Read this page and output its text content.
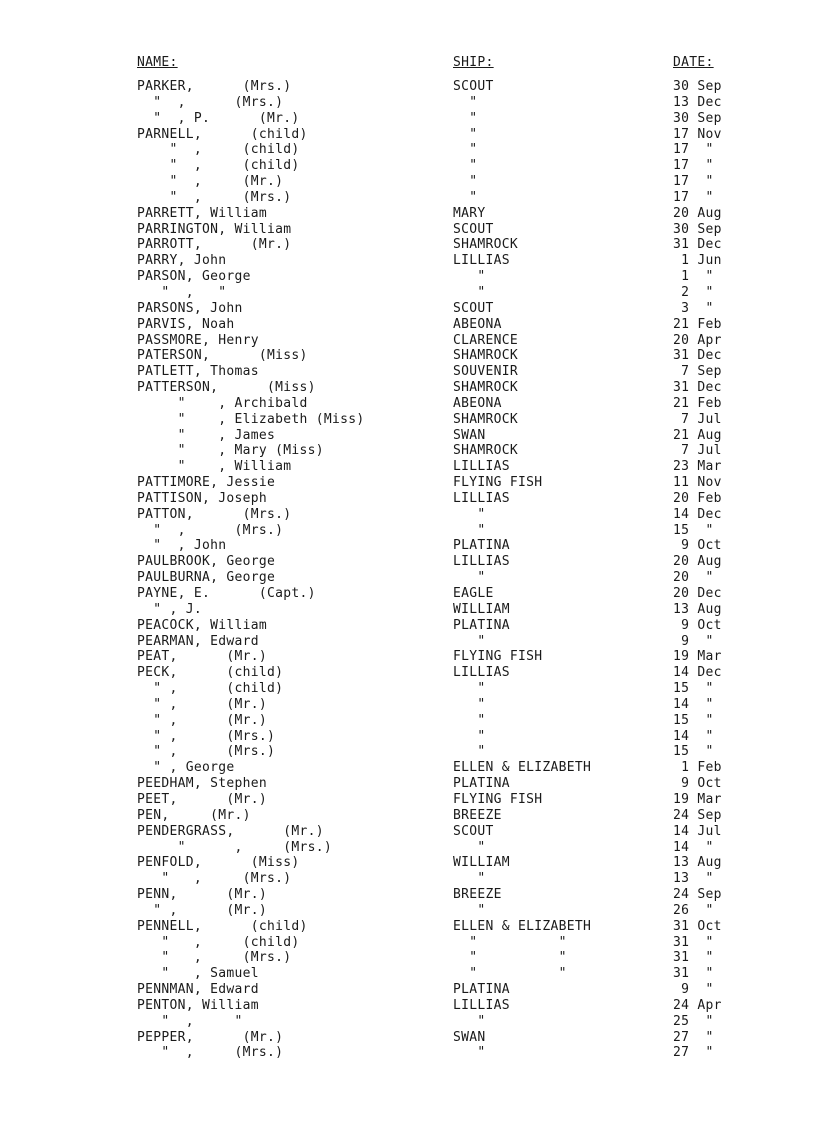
NAME:	SHIP:	DATE:
PARKER,      (Mrs.)	SCOUT	30 Sep
"  ,      (Mrs.)	"	13 Dec
"  , P.      (Mr.)	"	30 Sep
PARNELL,      (child)	"	17 Nov
"  ,     (child)	"	17  "
"  ,     (child)	"	17  "
"  ,     (Mr.)	"	17  "
"  ,     (Mrs.)	"	17  "
PARRETT, William	MARY	20 Aug
PARRINGTON, William	SCOUT	30 Sep
PARROTT,      (Mr.)	SHAMROCK	31 Dec
PARRY, John	LILLIAS	1 Jun
PARSON, George	"	1  "
"  ,   "	"	2  "
PARSONS, John	SCOUT	3  "
PARVIS, Noah	ABEONA	21 Feb
PASSMORE, Henry	CLARENCE	20 Apr
PATERSON,      (Miss)	SHAMROCK	31 Dec
PATLETT, Thomas	SOUVENIR	7 Sep
PATTERSON,      (Miss)	SHAMROCK	31 Dec
"    , Archibald	ABEONA	21 Feb
"    , Elizabeth (Miss)	SHAMROCK	7 Jul
"    , James	SWAN	21 Aug
"    , Mary (Miss)	SHAMROCK	7 Jul
"    , William	LILLIAS	23 Mar
PATTIMORE, Jessie	FLYING FISH	11 Nov
PATTISON, Joseph	LILLIAS	20 Feb
PATTON,      (Mrs.)	"	14 Dec
"  ,      (Mrs.)	"	15  "
"  , John	PLATINA	9 Oct
PAULBROOK, George	LILLIAS	20 Aug
PAULBURNA, George	"	20  "
PAYNE, E.      (Capt.)	EAGLE	20 Dec
" , J.	WILLIAM	13 Aug
PEACOCK, William	PLATINA	9 Oct
PEARMAN, Edward	"	9  "
PEAT,      (Mr.)	FLYING FISH	19 Mar
PECK,      (child)	LILLIAS	14 Dec
" ,      (child)	"	15  "
" ,      (Mr.)	"	14  "
" ,      (Mr.)	"	15  "
" ,      (Mrs.)	"	14  "
" ,      (Mrs.)	"	15  "
" , George	ELLEN & ELIZABETH	1 Feb
PEEDHAM, Stephen	PLATINA	9 Oct
PEET,      (Mr.)	FLYING FISH	19 Mar
PEN,     (Mr.)	BREEZE	24 Sep
PENDERGRASS,      (Mr.)	SCOUT	14 Jul
"      ,     (Mrs.)	"	14  "
PENFOLD,      (Miss)	WILLIAM	13 Aug
"   ,     (Mrs.)	"	13  "
PENN,      (Mr.)	BREEZE	24 Sep
" ,      (Mr.)	"	26  "
PENNELL,      (child)	ELLEN & ELIZABETH	31 Oct
"   ,     (child)	"          "	31  "
"   ,     (Mrs.)	"          "	31  "
"   , Samuel	"          "	31  "
PENNMAN, Edward	PLATINA	9  "
PENTON, William	LILLIAS	24 Apr
"  ,     "	"	25  "
PEPPER,      (Mr.)	SWAN	27  "
"  ,     (Mrs.)	"	27  "
